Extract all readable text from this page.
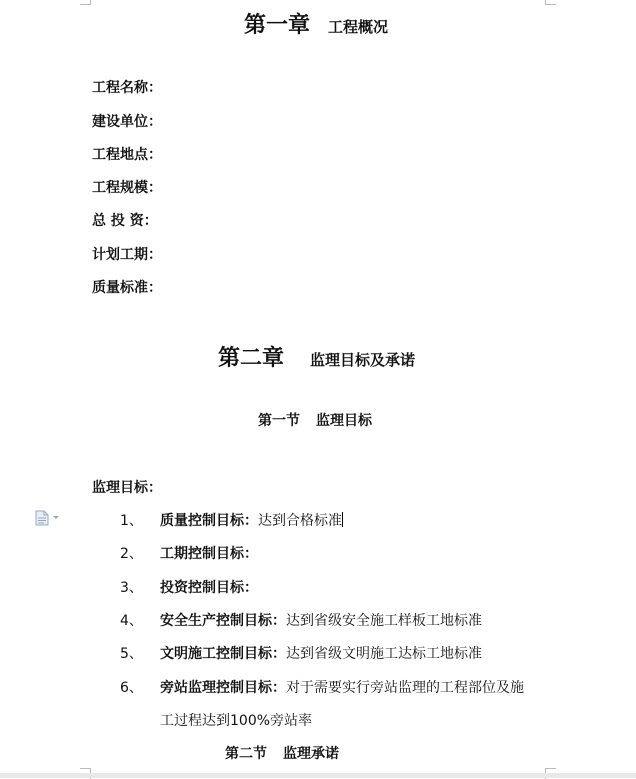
第一章 工程概况
工程名称：
建设单位：
工程地点：
工程规模：
总 投 资：
计划工期：
质量标准：
第二章 监理目标及承诺
第一节 监理目标
监理目标：
1、 质量控制目标：达到合格标准
2、 工期控制目标：
3、 投资控制目标：
4、 安全生产控制目标：达到省级安全施工样板工地标准
5、 文明施工控制目标：达到省级文明施工达标工地标准
6、 旁站监理控制目标：对于需要实行旁站监理的工程部位及施
工过程达到100%旁站率
第二节 监理承诺
